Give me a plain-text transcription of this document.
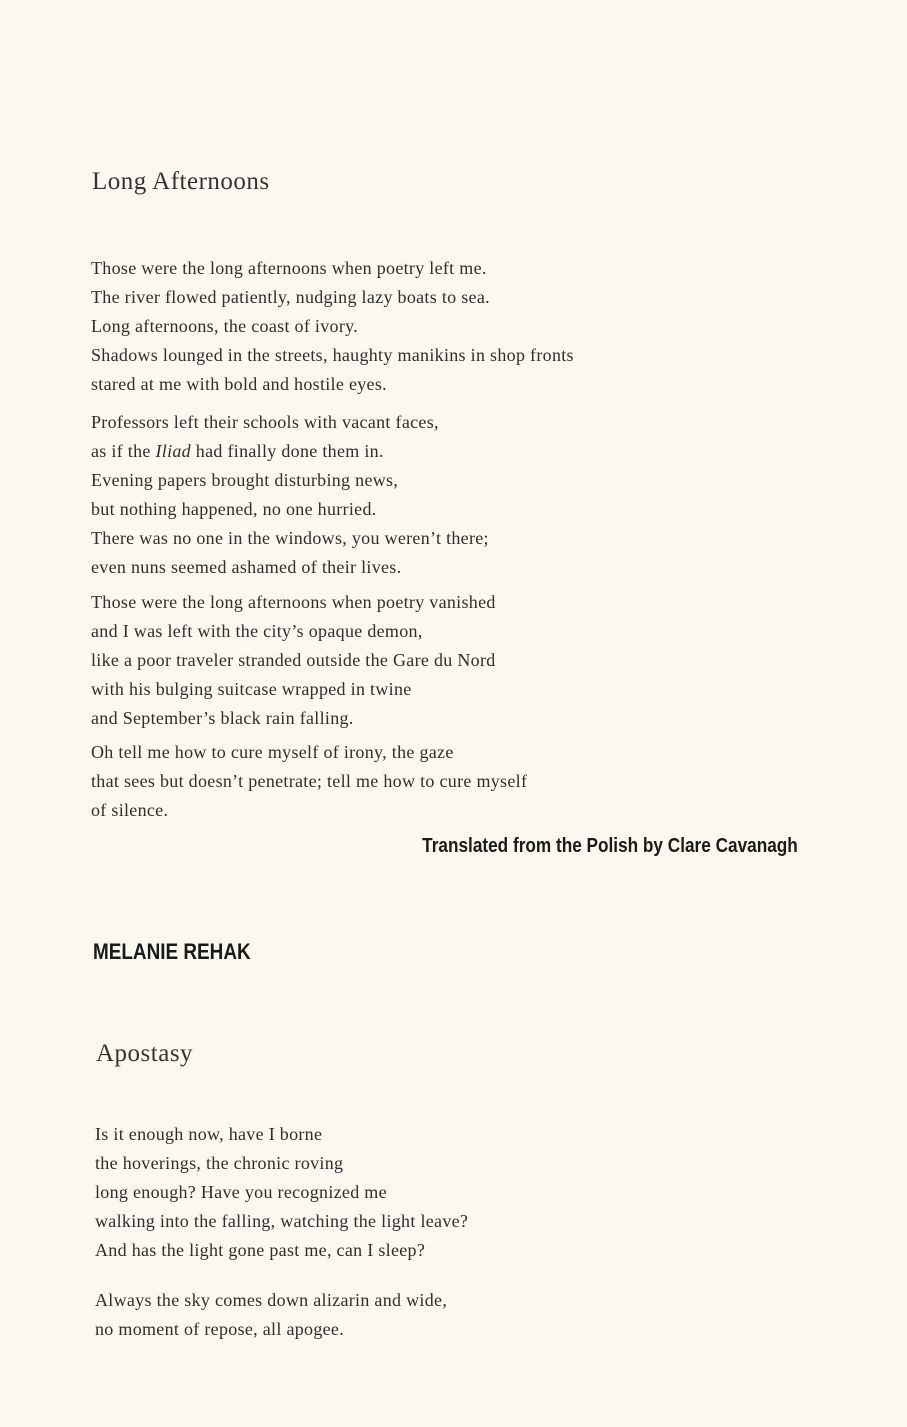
Long Afternoons
Those were the long afternoons when poetry left me.
The river flowed patiently, nudging lazy boats to sea.
Long afternoons, the coast of ivory.
Shadows lounged in the streets, haughty manikins in shop fronts
stared at me with bold and hostile eyes.
Professors left their schools with vacant faces,
as if the Iliad had finally done them in.
Evening papers brought disturbing news,
but nothing happened, no one hurried.
There was no one in the windows, you weren’t there;
even nuns seemed ashamed of their lives.
Those were the long afternoons when poetry vanished
and I was left with the city’s opaque demon,
like a poor traveler stranded outside the Gare du Nord
with his bulging suitcase wrapped in twine
and September’s black rain falling.
Oh tell me how to cure myself of irony, the gaze
that sees but doesn’t penetrate; tell me how to cure myself
of silence.
Translated from the Polish by Clare Cavanagh
MELANIE REHAK
Apostasy
Is it enough now, have I borne
the hoverings, the chronic roving
long enough? Have you recognized me
walking into the falling, watching the light leave?
And has the light gone past me, can I sleep?
Always the sky comes down alizarin and wide,
no moment of repose, all apogee.
